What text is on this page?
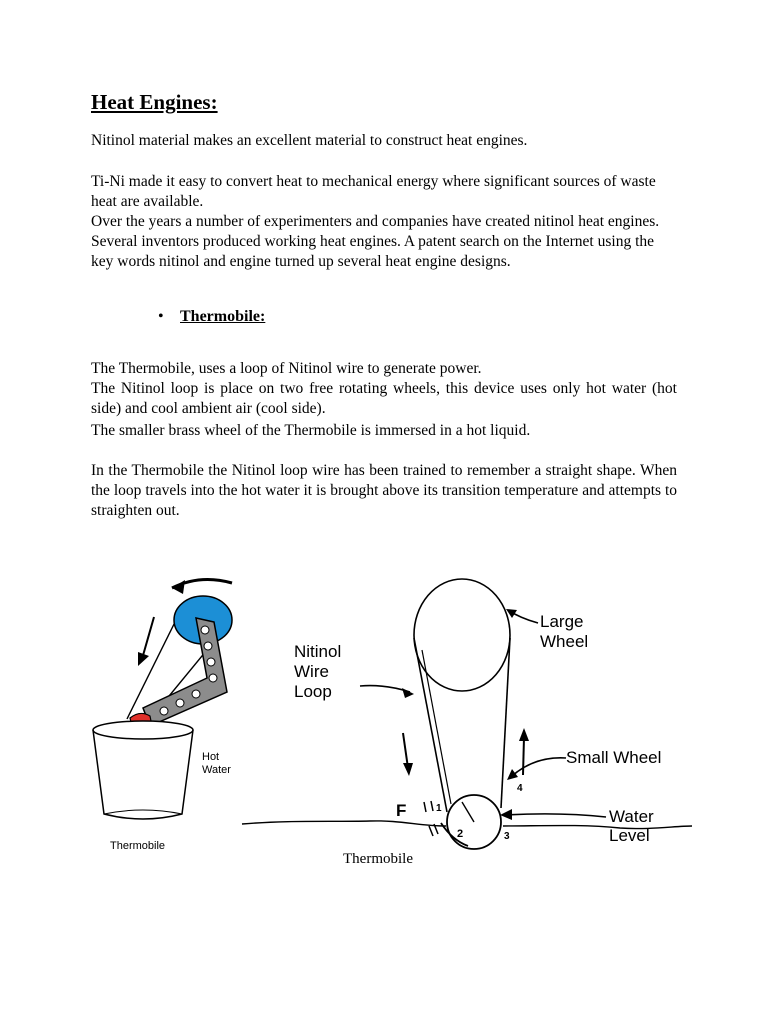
Heat Engines:

Nitinol material makes an excellent material to construct heat engines.

Ti-Ni made it easy to convert heat to mechanical energy where significant sources of waste heat are available.

Over the years a number of experimenters and companies have created nitinol heat engines. Several inventors produced working heat engines. A patent search on the Internet using the key words nitinol and engine turned up several heat engine designs.

• Thermobile:

The Thermobile, uses a loop of Nitinol wire to generate power.

The Nitinol loop is place on two free rotating wheels, this device uses only hot water (hot side) and cool ambient air (cool side).

The smaller brass wheel of the Thermobile is immersed in a hot liquid.

In the Thermobile the Nitinol loop wire has been trained to remember a straight shape. When the loop travels into the hot water it is brought above its transition temperature and attempts to straighten out.

Hot
Water
Thermobile
Large
Wheel
Nitinol
Wire
Loop
Small Wheel
Water
Level
F	1
2	3
4
Thermobile
